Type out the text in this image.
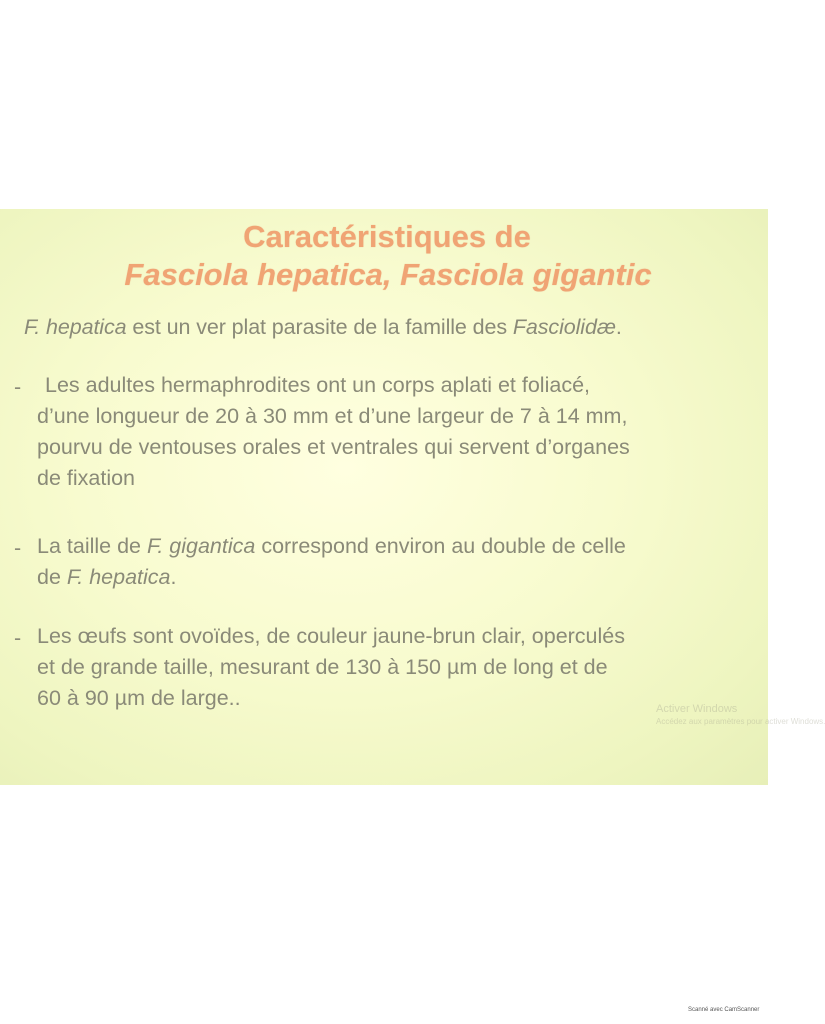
Caractéristiques de
Fasciola hepatica, Fasciola gigantic
F. hepatica est un ver plat parasite de la famille des Fasciolidæ.
-	Les adultes hermaphrodites ont un corps aplati et foliacé,
d’une longueur de 20 à 30 mm et d’une largeur de 7 à 14 mm,
pourvu de ventouses orales et ventrales qui servent d’organes
de fixation
- La taille de F. gigantica correspond environ au double de celle
de F. hepatica.
- Les œufs sont ovoïdes, de couleur jaune-brun clair, operculés
et de grande taille, mesurant de 130 à 150 µm de long et de
60 à 90 µm de large..	Activer Windows
Accédez aux paramètres pour activer Windows.
Scanné avec CamScanner
